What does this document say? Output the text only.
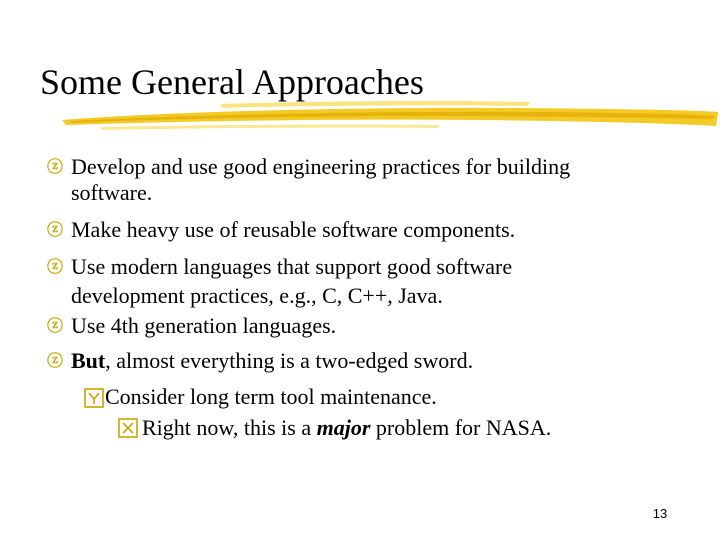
Some General Approaches
ⓩ Develop and use good engineering practices for building
software.
ⓩ Make heavy use of reusable software components.
ⓩ Use modern languages that support good software
development practices, e.g., C, C++, Java.
ⓩ Use 4th generation languages.
ⓩ But, almost everything is a two-edged sword.
Consider long term tool maintenance.
Right now, this is a major problem for NASA.
13
